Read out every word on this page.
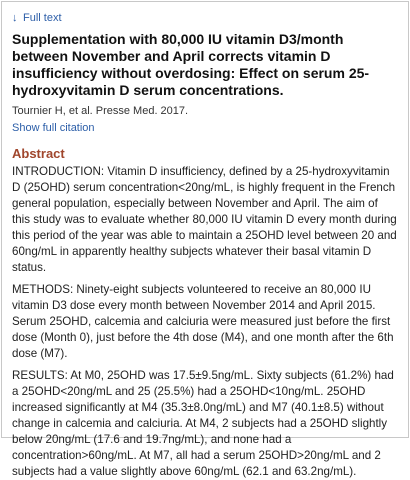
↓ Full text
Supplementation with 80,000 IU vitamin D3/month between November and April corrects vitamin D insufficiency without overdosing: Effect on serum 25-hydroxyvitamin D serum concentrations.

Tournier H, et al. Presse Med. 2017.

Show full citation
Abstract

INTRODUCTION: Vitamin D insufficiency, defined by a 25-hydroxyvitamin D (25OHD) serum concentration<20ng/mL, is highly frequent in the French general population, especially between November and April. The aim of this study was to evaluate whether 80,000 IU vitamin D every month during this period of the year was able to maintain a 25OHD level between 20 and 60ng/mL in apparently healthy subjects whatever their basal vitamin D status.

METHODS: Ninety-eight subjects volunteered to receive an 80,000 IU vitamin D3 dose every month between November 2014 and April 2015. Serum 25OHD, calcemia and calciuria were measured just before the first dose (Month 0), just before the 4th dose (M4), and one month after the 6th dose (M7).

RESULTS: At M0, 25OHD was 17.5±9.5ng/mL. Sixty subjects (61.2%) had a 25OHD<20ng/mL and 25 (25.5%) had a 25OHD<10ng/mL. 25OHD increased significantly at M4 (35.3±8.0ng/mL) and M7 (40.1±8.5) without change in calcemia and calciuria. At M4, 2 subjects had a 25OHD slightly below 20ng/mL (17.6 and 19.7ng/mL), and none had a concentration>60ng/mL. At M7, all had a serum 25OHD>20ng/mL and 2 subjects had a value slightly above 60ng/mL (62.1 and 63.2ng/mL).
